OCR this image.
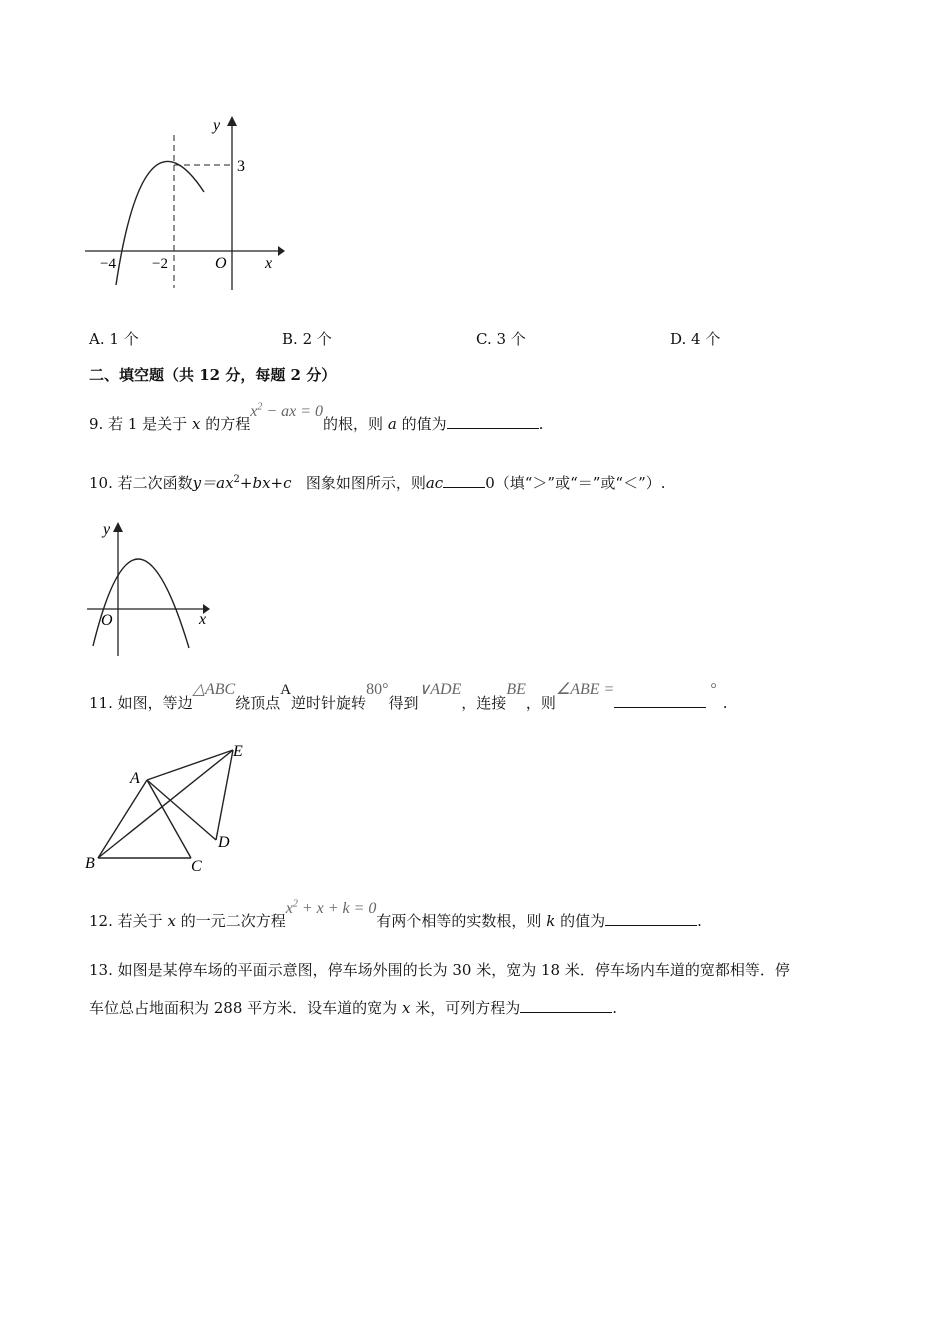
y
x
O
3
−4 −2
A. 1 个	B. 2 个	C. 3 个	D. 4 个
二、填空题（共 12 分，每题 2 分）
9. 若 1 是关于 x 的方程$x^2$ − ax = 0的根，则 a 的值为	.
10. 若二次函数$y=ax^2+bx+c$ 图象如图所示，则ac	0（填“＞”或“＝”或“＜”）.
y
x
O
11. 如图，等边△ABC绕顶点A逆时针旋转80°得到∨ADE，连接BE，则∠ABE =	°.
A
B	C
D
E
12. 若关于 x 的一元二次方程$x^2 + x + k = 0$有两个相等的实数根，则 k 的值为	.
13. 如图是某停车场的平面示意图，停车场外围的长为 30 米，宽为 18 米．停车场内车道的宽都相等．停
车位总占地面积为 288 平方米．设车道的宽为 x 米，可列方程为	.
